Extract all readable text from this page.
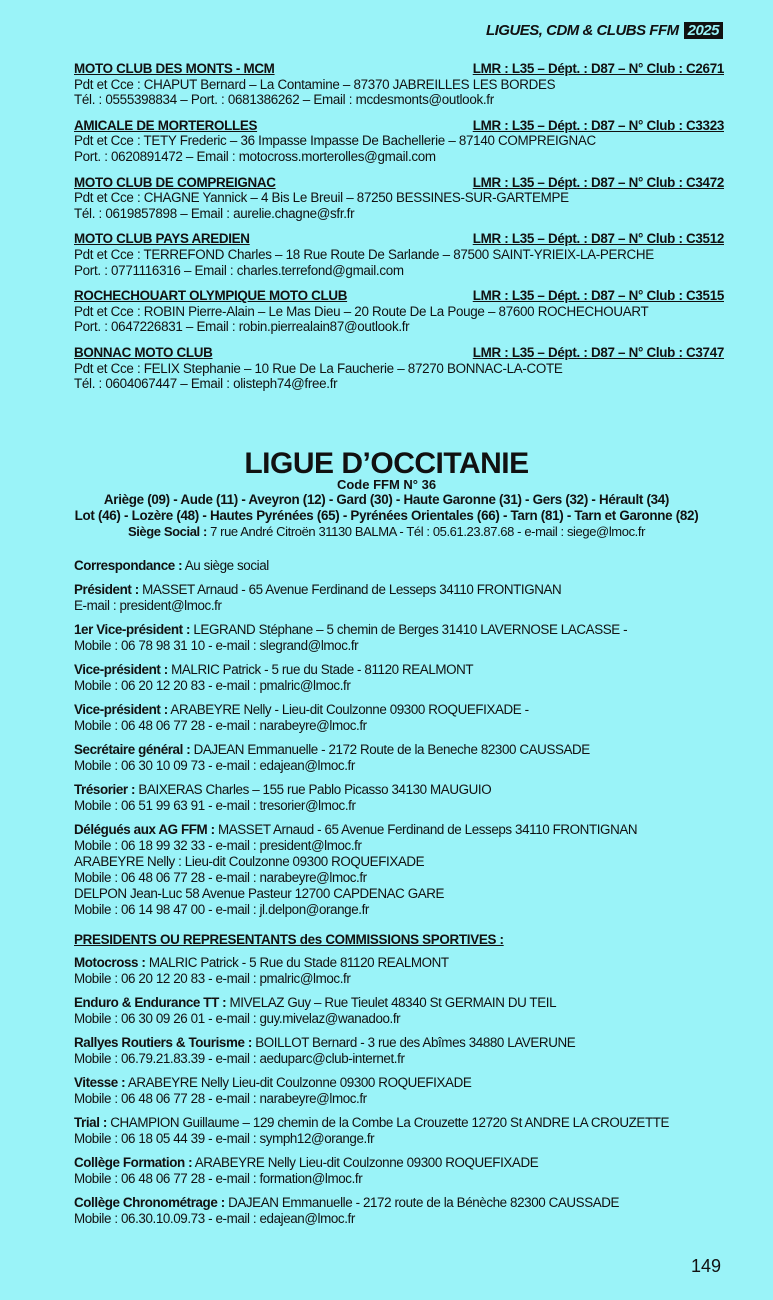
LIGUES, CDM & CLUBS FFM 2025
MOTO CLUB DES MONTS - MCM	LMR : L35 – Dépt. : D87 – N° Club : C2671
Pdt et Cce : CHAPUT Bernard – La Contamine – 87370 JABREILLES LES BORDES
Tél. : 0555398834 – Port. : 0681386262 – Email : mcdesmonts@outlook.fr
AMICALE DE MORTEROLLES	LMR : L35 – Dépt. : D87 – N° Club : C3323
Pdt et Cce : TETY Frederic – 36 Impasse Impasse De Bachellerie – 87140 COMPREIGNAC
Port. : 0620891472 – Email : motocross.morterolles@gmail.com
MOTO CLUB DE COMPREIGNAC	LMR : L35 – Dépt. : D87 – N° Club : C3472
Pdt et Cce : CHAGNE Yannick – 4 Bis Le Breuil – 87250 BESSINES-SUR-GARTEMPE
Tél. : 0619857898 – Email : aurelie.chagne@sfr.fr
MOTO CLUB PAYS AREDIEN	LMR : L35 – Dépt. : D87 – N° Club : C3512
Pdt et Cce : TERREFOND Charles – 18 Rue Route De Sarlande – 87500 SAINT-YRIEIX-LA-PERCHE
Port. : 0771116316 – Email : charles.terrefond@gmail.com
ROCHECHOUART OLYMPIQUE MOTO CLUB	LMR : L35 – Dépt. : D87 – N° Club : C3515
Pdt et Cce : ROBIN Pierre-Alain – Le Mas Dieu – 20 Route De La Pouge – 87600 ROCHECHOUART
Port. : 0647226831 – Email : robin.pierrealain87@outlook.fr
BONNAC MOTO CLUB	LMR : L35 – Dépt. : D87 – N° Club : C3747
Pdt et Cce : FELIX Stephanie – 10 Rue De La Faucherie – 87270 BONNAC-LA-COTE
Tél. : 0604067447 – Email : olisteph74@free.fr
LIGUE D’OCCITANIE
Code FFM N° 36
Ariège (09) - Aude (11) - Aveyron (12) - Gard (30) - Haute Garonne (31) - Gers (32) - Hérault (34)
Lot (46) - Lozère (48) - Hautes Pyrénées (65) - Pyrénées Orientales (66) - Tarn (81) - Tarn et Garonne (82)
Siège Social : 7 rue André Citroën 31130 BALMA - Tél : 05.61.23.87.68 - e-mail : siege@lmoc.fr
Correspondance : Au siège social
Président : MASSET Arnaud - 65 Avenue Ferdinand de Lesseps 34110 FRONTIGNAN
E-mail : president@lmoc.fr
1er Vice-président : LEGRAND Stéphane – 5 chemin de Berges 31410 LAVERNOSE LACASSE -
Mobile : 06 78 98 31 10 - e-mail : slegrand@lmoc.fr
Vice-président : MALRIC Patrick - 5 rue du Stade - 81120 REALMONT
Mobile : 06 20 12 20 83 - e-mail : pmalric@lmoc.fr
Vice-président : ARABEYRE Nelly - Lieu-dit Coulzonne 09300 ROQUEFIXADE -
Mobile : 06 48 06 77 28 - e-mail : narabeyre@lmoc.fr
Secrétaire général : DAJEAN Emmanuelle - 2172 Route de la Beneche 82300 CAUSSADE
Mobile : 06 30 10 09 73 - e-mail : edajean@lmoc.fr
Trésorier : BAIXERAS Charles – 155 rue Pablo Picasso 34130 MAUGUIO
Mobile : 06 51 99 63 91 - e-mail : tresorier@lmoc.fr
Délégués aux AG FFM : MASSET Arnaud - 65 Avenue Ferdinand de Lesseps 34110 FRONTIGNAN
Mobile : 06 18 99 32 33 - e-mail : president@lmoc.fr
ARABEYRE Nelly : Lieu-dit Coulzonne 09300 ROQUEFIXADE
Mobile : 06 48 06 77 28 - e-mail : narabeyre@lmoc.fr
DELPON Jean-Luc 58 Avenue Pasteur 12700 CAPDENAC GARE
Mobile : 06 14 98 47 00 - e-mail : jl.delpon@orange.fr
PRESIDENTS OU REPRESENTANTS des COMMISSIONS SPORTIVES :
Motocross : MALRIC Patrick - 5 Rue du Stade 81120 REALMONT
Mobile : 06 20 12 20 83 - e-mail : pmalric@lmoc.fr
Enduro & Endurance TT : MIVELAZ Guy – Rue Tieulet 48340 St GERMAIN DU TEIL
Mobile : 06 30 09 26 01 - e-mail : guy.mivelaz@wanadoo.fr
Rallyes Routiers & Tourisme : BOILLOT Bernard - 3 rue des Abîmes 34880 LAVERUNE
Mobile : 06.79.21.83.39 - e-mail : aeduparc@club-internet.fr
Vitesse : ARABEYRE Nelly Lieu-dit Coulzonne 09300 ROQUEFIXADE
Mobile : 06 48 06 77 28 - e-mail : narabeyre@lmoc.fr
Trial : CHAMPION Guillaume – 129 chemin de la Combe La Crouzette 12720 St ANDRE LA CROUZETTE
Mobile : 06 18 05 44 39 - e-mail : symph12@orange.fr
Collège Formation : ARABEYRE Nelly Lieu-dit Coulzonne 09300 ROQUEFIXADE
Mobile : 06 48 06 77 28 - e-mail : formation@lmoc.fr
Collège Chronométrage : DAJEAN Emmanuelle - 2172 route de la Bénèche 82300 CAUSSADE
Mobile : 06.30.10.09.73 - e-mail : edajean@lmoc.fr
149
